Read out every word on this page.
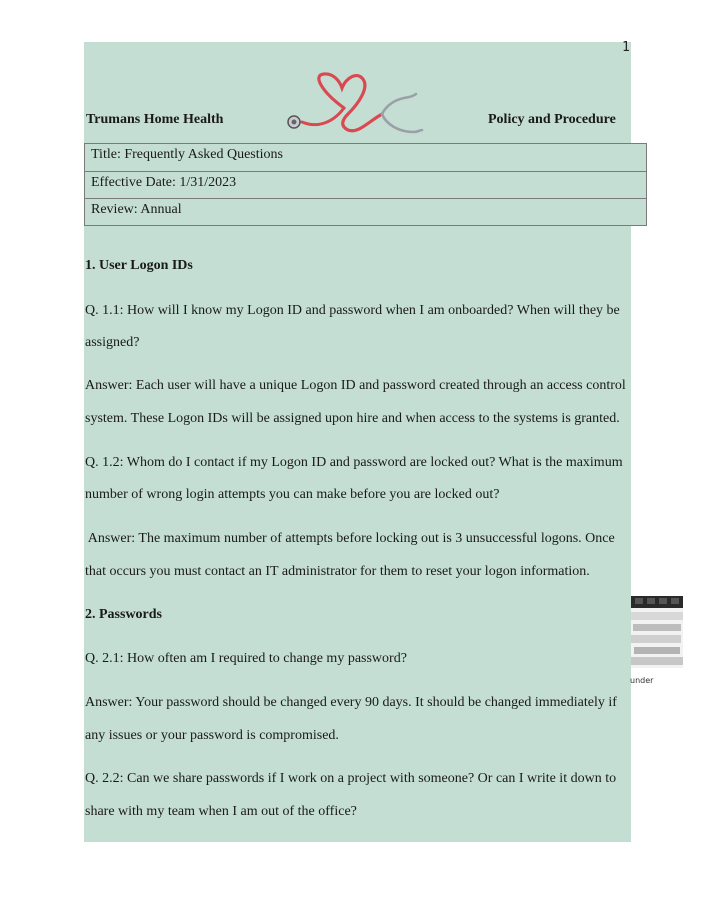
1
Trumans Home Health	Policy and Procedure
Title: Frequently Asked Questions
Effective Date: 1/31/2023
Review: Annual
1. User Logon IDs
Q. 1.1: How will I know my Logon ID and password when I am onboarded? When will they be
assigned?
Answer: Each user will have a unique Logon ID and password created through an access control
system. These Logon IDs will be assigned upon hire and when access to the systems is granted.
Q. 1.2: Whom do I contact if my Logon ID and password are locked out? What is the maximum
number of wrong login attempts you can make before you are locked out?
Answer: The maximum number of attempts before locking out is 3 unsuccessful logons. Once
that occurs you must contact an IT administrator for them to reset your logon information.
2. Passwords
Q. 2.1: How often am I required to change my password?
Answer: Your password should be changed every 90 days. It should be changed immediately if
any issues or your password is compromised.
Q. 2.2: Can we share passwords if I work on a project with someone? Or can I write it down to
share with my team when I am out of the office?
under
